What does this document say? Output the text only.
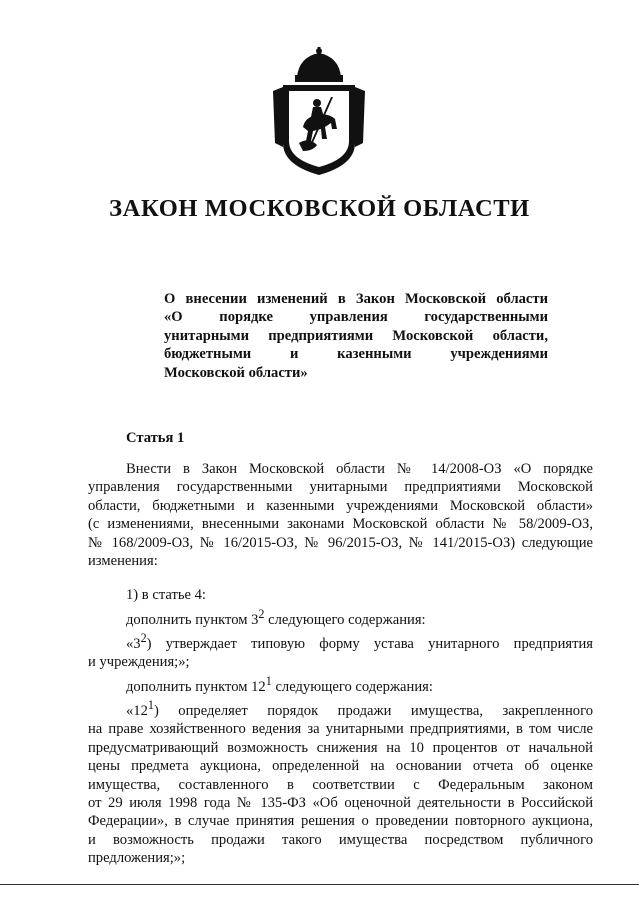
ЗАКОН МОСКОВСКОЙ ОБЛАСТИ
О внесении изменений в Закон Московской области
«О порядке управления государственными
унитарными предприятиями Московской области,
бюджетными и казенными учреждениями
Московской области»
Статья 1

Внести в Закон Московской области № 14/2008-ОЗ «О порядке
управления государственными унитарными предприятиями Московской
области, бюджетными и казенными учреждениями Московской области»
(с изменениями, внесенными законами Московской области № 58/2009-ОЗ,
№ 168/2009-ОЗ, № 16/2015-ОЗ, № 96/2015-ОЗ, № 141/2015-ОЗ) следующие
изменения:

1) в статье 4:

дополнить пунктом $3^2$ следующего содержания:

«$3^2$) утверждает типовую форму устава унитарного предприятия
и учреждения;»;

дополнить пунктом $12^1$ следующего содержания:

«$12^1$) определяет порядок продажи имущества, закрепленного
на праве хозяйственного ведения за унитарными предприятиями, в том числе
предусматривающий возможность снижения на 10 процентов от начальной
цены предмета аукциона, определенной на основании отчета об оценке
имущества, составленного в соответствии с Федеральным законом
от 29 июля 1998 года № 135-ФЗ «Об оценочной деятельности в Российской
Федерации», в случае принятия решения о проведении повторного аукциона,
и возможность продажи такого имущества посредством публичного
предложения;»;
